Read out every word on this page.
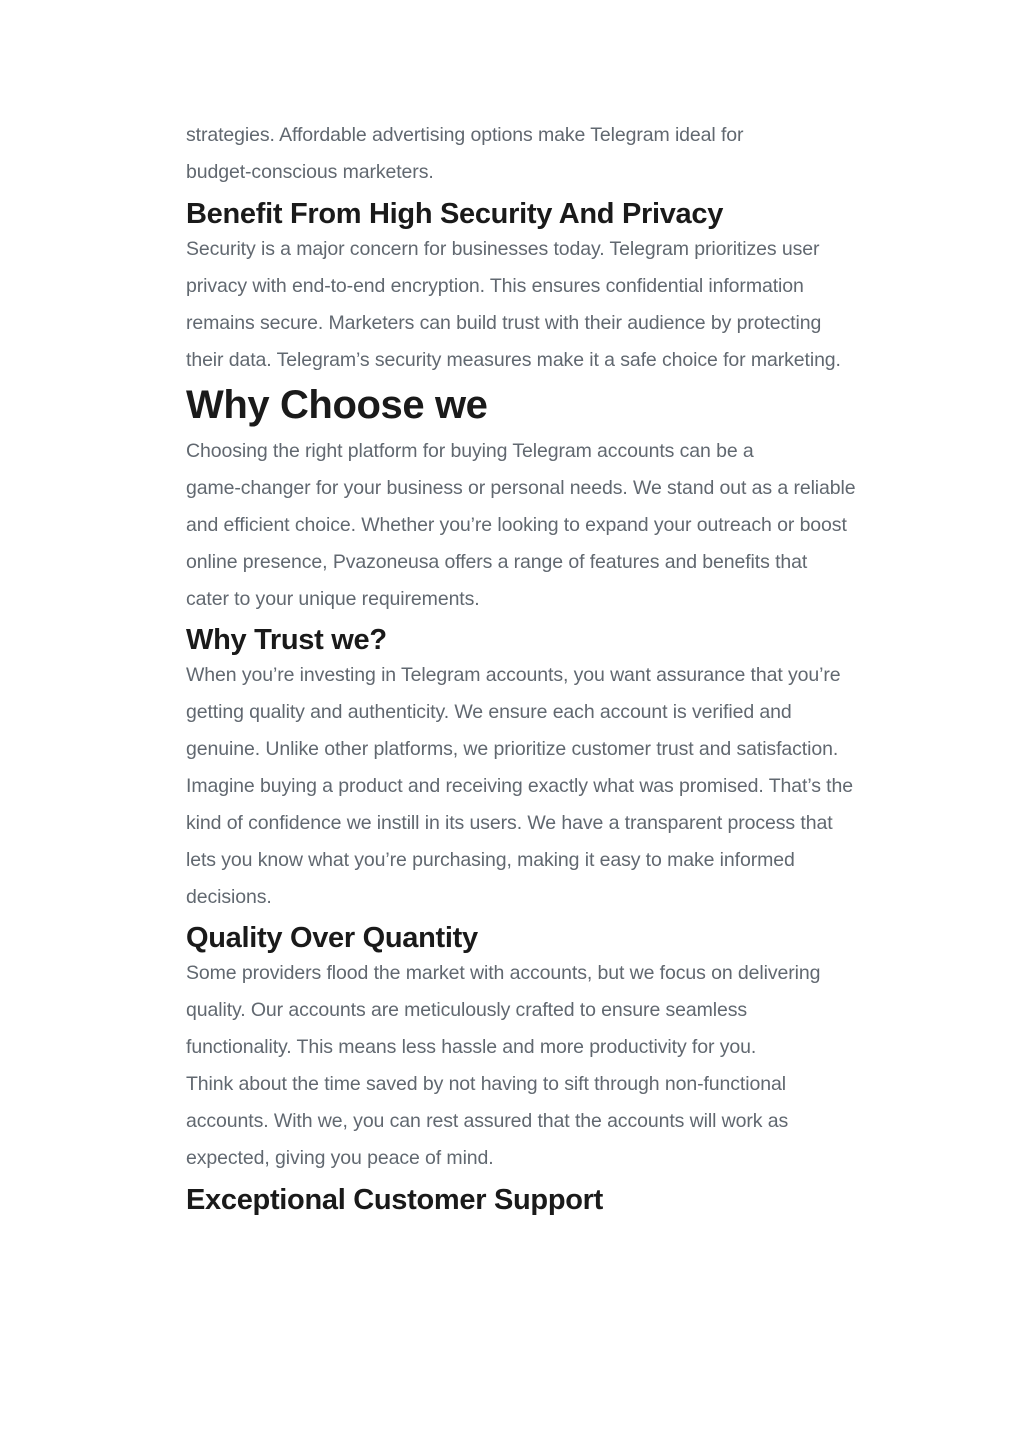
strategies. Affordable advertising options make Telegram ideal for
budget-conscious marketers.

Benefit From High Security And Privacy

Security is a major concern for businesses today. Telegram prioritizes user
privacy with end-to-end encryption. This ensures confidential information
remains secure. Marketers can build trust with their audience by protecting
their data. Telegram’s security measures make it a safe choice for marketing.

Why Choose we

Choosing the right platform for buying Telegram accounts can be a
game-changer for your business or personal needs. We stand out as a reliable
and efficient choice. Whether you’re looking to expand your outreach or boost
online presence, Pvazoneusa offers a range of features and benefits that
cater to your unique requirements.

Why Trust we?

When you’re investing in Telegram accounts, you want assurance that you’re
getting quality and authenticity. We ensure each account is verified and
genuine. Unlike other platforms, we prioritize customer trust and satisfaction.
Imagine buying a product and receiving exactly what was promised. That’s the
kind of confidence we instill in its users. We have a transparent process that
lets you know what you’re purchasing, making it easy to make informed
decisions.

Quality Over Quantity

Some providers flood the market with accounts, but we focus on delivering
quality. Our accounts are meticulously crafted to ensure seamless
functionality. This means less hassle and more productivity for you.
Think about the time saved by not having to sift through non-functional
accounts. With we, you can rest assured that the accounts will work as
expected, giving you peace of mind.

Exceptional Customer Support
